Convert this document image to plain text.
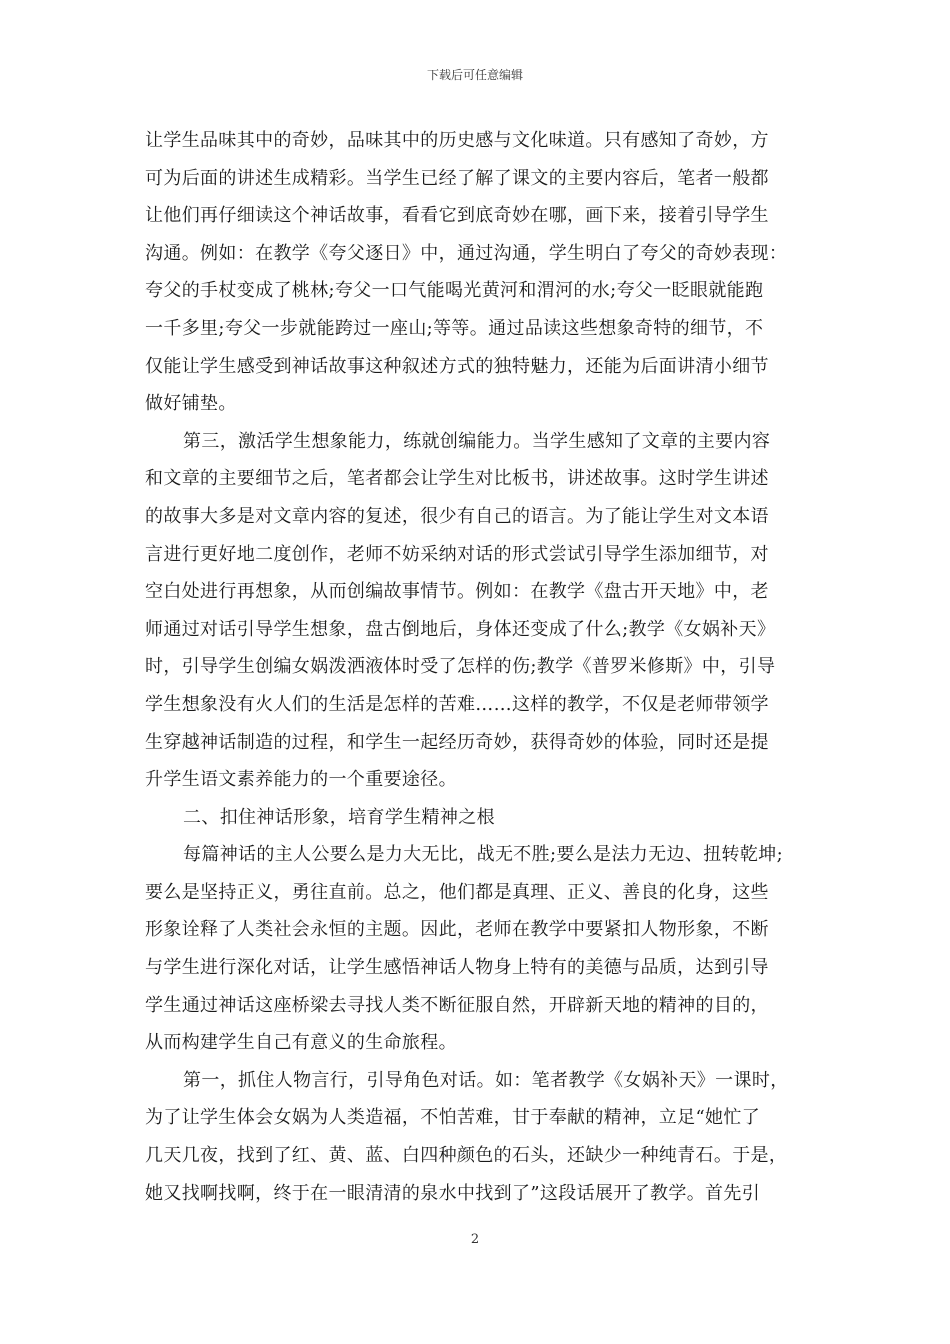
下载后可任意编辑
让学生品味其中的奇妙，品味其中的历史感与文化味道。只有感知了奇妙，方
可为后面的讲述生成精彩。当学生已经了解了课文的主要内容后，笔者一般都
让他们再仔细读这个神话故事，看看它到底奇妙在哪，画下来，接着引导学生
沟通。例如：在教学《夸父逐日》中，通过沟通，学生明白了夸父的奇妙表现：
夸父的手杖变成了桃林;夸父一口气能喝光黄河和渭河的水;夸父一眨眼就能跑
一千多里;夸父一步就能跨过一座山;等等。通过品读这些想象奇特的细节，不
仅能让学生感受到神话故事这种叙述方式的独特魅力，还能为后面讲清小细节
做好铺垫。
第三，激活学生想象能力，练就创编能力。当学生感知了文章的主要内容
和文章的主要细节之后，笔者都会让学生对比板书，讲述故事。这时学生讲述
的故事大多是对文章内容的复述，很少有自己的语言。为了能让学生对文本语
言进行更好地二度创作，老师不妨采纳对话的形式尝试引导学生添加细节，对
空白处进行再想象，从而创编故事情节。例如：在教学《盘古开天地》中，老
师通过对话引导学生想象，盘古倒地后，身体还变成了什么;教学《女娲补天》
时，引导学生创编女娲泼洒液体时受了怎样的伤;教学《普罗米修斯》中，引导
学生想象没有火人们的生活是怎样的苦难……这样的教学，不仅是老师带领学
生穿越神话制造的过程，和学生一起经历奇妙，获得奇妙的体验，同时还是提
升学生语文素养能力的一个重要途径。
二、扣住神话形象，培育学生精神之根
每篇神话的主人公要么是力大无比，战无不胜;要么是法力无边、扭转乾坤;
要么是坚持正义，勇往直前。总之，他们都是真理、正义、善良的化身，这些
形象诠释了人类社会永恒的主题。因此，老师在教学中要紧扣人物形象，不断
与学生进行深化对话，让学生感悟神话人物身上特有的美德与品质，达到引导
学生通过神话这座桥梁去寻找人类不断征服自然，开辟新天地的精神的目的，
从而构建学生自己有意义的生命旅程。
第一，抓住人物言行，引导角色对话。如：笔者教学《女娲补天》一课时，
为了让学生体会女娲为人类造福，不怕苦难，甘于奉献的精神，立足“她忙了
几天几夜，找到了红、黄、蓝、白四种颜色的石头，还缺少一种纯青石。于是，
她又找啊找啊，终于在一眼清清的泉水中找到了”这段话展开了教学。首先引
2
